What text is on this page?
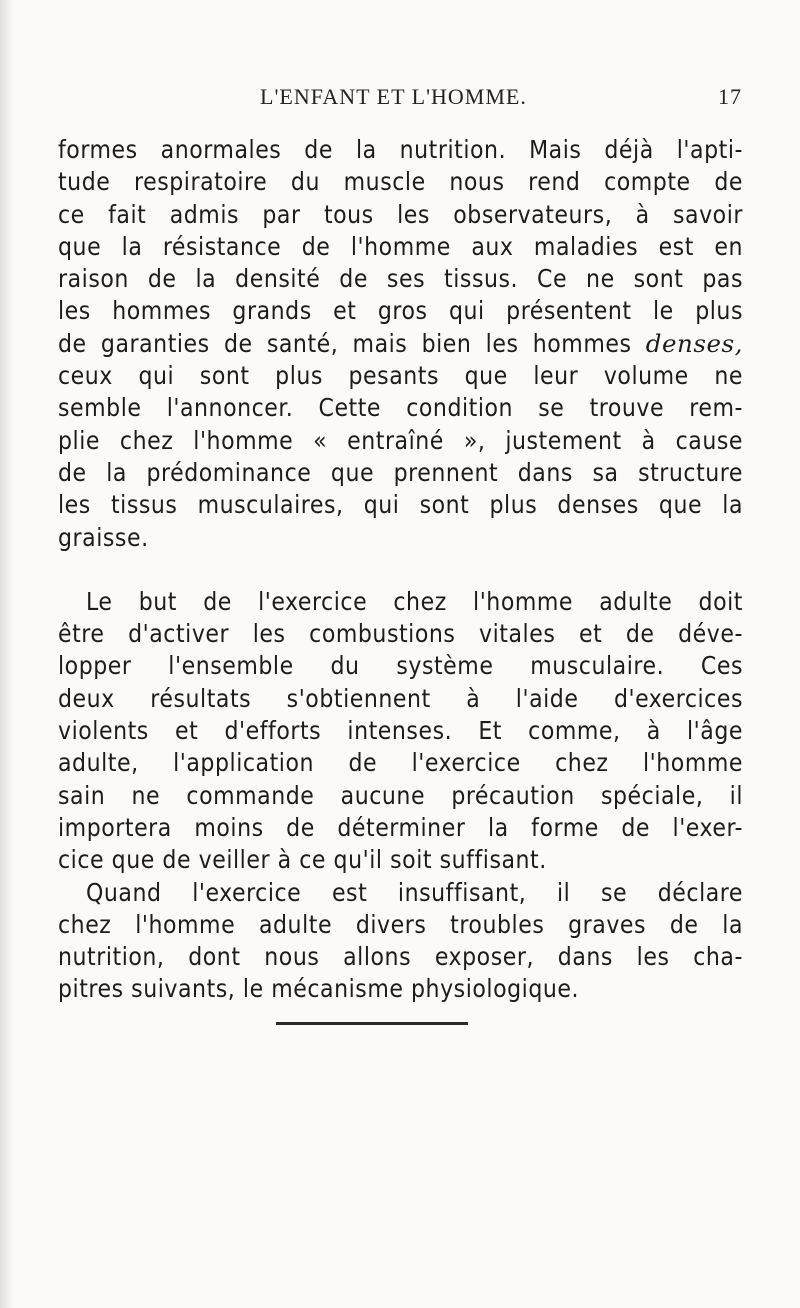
L'ENFANT ET L'HOMME.	17
formes anormales de la nutrition. Mais déjà l'apti-
tude respiratoire du muscle nous rend compte de
ce fait admis par tous les observateurs, à savoir
que la résistance de l'homme aux maladies est en
raison de la densité de ses tissus. Ce ne sont pas
les hommes grands et gros qui présentent le plus
de garanties de santé, mais bien les hommes denses,
ceux qui sont plus pesants que leur volume ne
semble l'annoncer. Cette condition se trouve rem-
plie chez l'homme « entraîné », justement à cause
de la prédominance que prennent dans sa structure
les tissus musculaires, qui sont plus denses que la
graisse.
Le but de l'exercice chez l'homme adulte doit
être d'activer les combustions vitales et de déve-
lopper l'ensemble du système musculaire. Ces
deux résultats s'obtiennent à l'aide d'exercices
violents et d'efforts intenses. Et comme, à l'âge
adulte, l'application de l'exercice chez l'homme
sain ne commande aucune précaution spéciale, il
importera moins de déterminer la forme de l'exer-
cice que de veiller à ce qu'il soit suffisant.
Quand l'exercice est insuffisant, il se déclare
chez l'homme adulte divers troubles graves de la
nutrition, dont nous allons exposer, dans les cha-
pitres suivants, le mécanisme physiologique.
